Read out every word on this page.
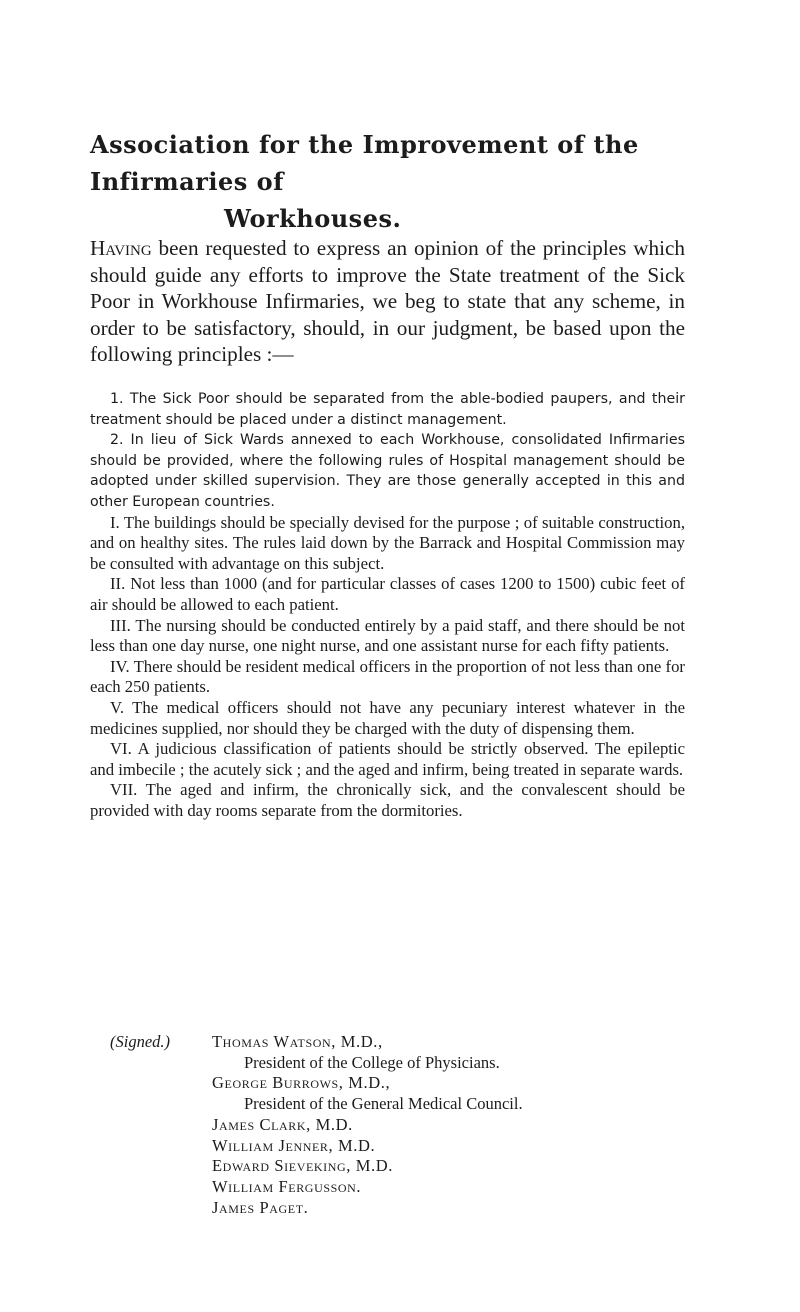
Association for the Improvement of the Infirmaries of
Workhouses.

Having been requested to express an opinion of the principles which should guide any efforts to improve the State treatment of the Sick Poor in Workhouse Infirmaries, we beg to state that any scheme, in order to be satisfactory, should, in our judgment, be based upon the following principles :—

1. The Sick Poor should be separated from the able-bodied paupers, and their treatment should be placed under a distinct management.

2. In lieu of Sick Wards annexed to each Workhouse, consolidated Infirmaries should be provided, where the following rules of Hospital management should be adopted under skilled supervision. They are those generally accepted in this and other European countries.

I. The buildings should be specially devised for the purpose ; of suitable construction, and on healthy sites. The rules laid down by the Barrack and Hospital Commission may be consulted with advantage on this subject.

II. Not less than 1000 (and for particular classes of cases 1200 to 1500) cubic feet of air should be allowed to each patient.

III. The nursing should be conducted entirely by a paid staff, and there should be not less than one day nurse, one night nurse, and one assistant nurse for each fifty patients.

IV. There should be resident medical officers in the proportion of not less than one for each 250 patients.

V. The medical officers should not have any pecuniary interest whatever in the medicines supplied, nor should they be charged with the duty of dispensing them.

VI. A judicious classification of patients should be strictly observed. The epileptic and imbecile ; the acutely sick ; and the aged and infirm, being treated in separate wards.

VII. The aged and infirm, the chronically sick, and the convalescent should be provided with day rooms separate from the dormitories.

(Signed.)	Thomas Watson, M.D.,
President of the College of Physicians.
George Burrows, M.D.,
President of the General Medical Council.
James Clark, M.D.
William Jenner, M.D.
Edward Sieveking, M.D.
William Fergusson.
James Paget.
